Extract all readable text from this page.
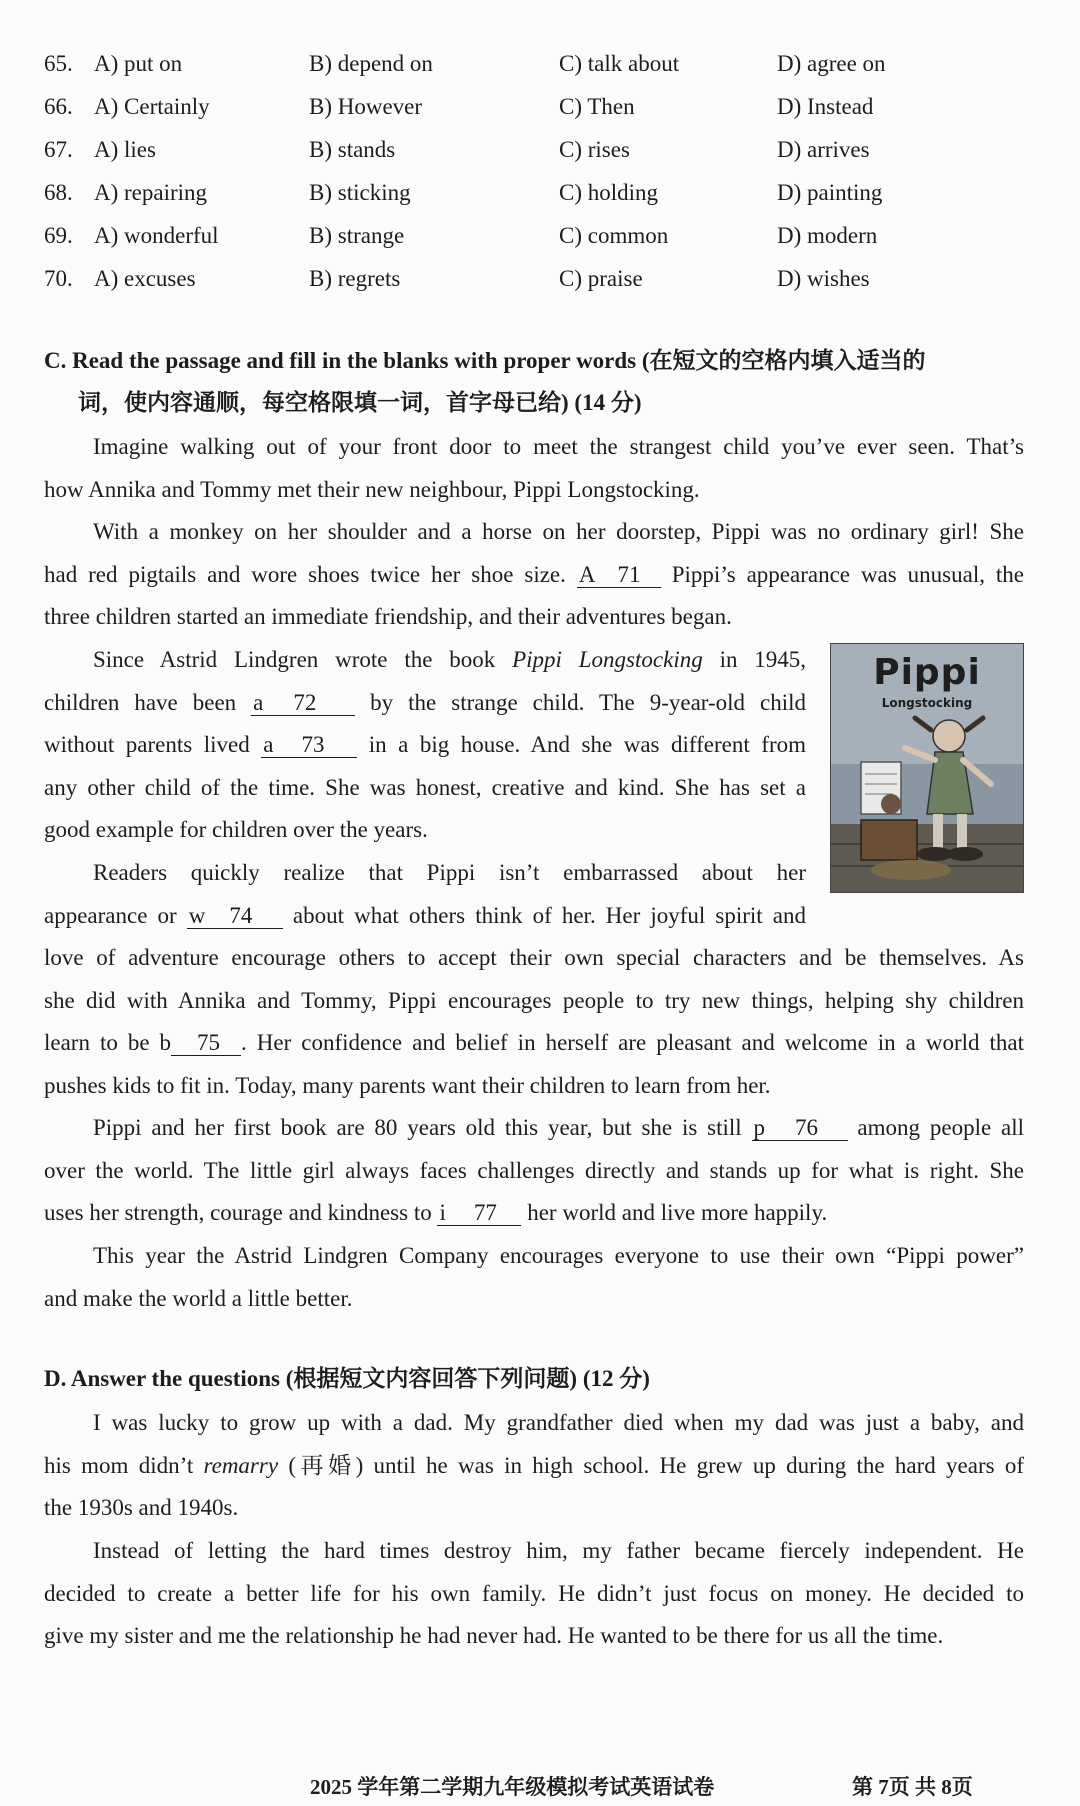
65. A) put on	B) depend on	C) talk about	D) agree on
66. A) Certainly	B) However	C) Then	D) Instead
67. A) lies	B) stands	C) rises	D) arrives
68. A) repairing	B) sticking	C) holding	D) painting
69. A) wonderful	B) strange	C) common	D) modern
70. A) excuses	B) regrets	C) praise	D) wishes
C. Read the passage and fill in the blanks with proper words (在短文的空格内填入适当的
词，使内容通顺，每空格限填一词，首字母已给) (14 分)
Imagine walking out of your front door to meet the strangest child you’ve ever seen. That’s
how Annika and Tommy met their new neighbour, Pippi Longstocking.
With a monkey on her shoulder and a horse on her doorstep, Pippi was no ordinary girl! She
had red pigtails and wore shoes twice her shoe size. A 71 Pippi’s appearance was unusual, the
three children started an immediate friendship, and their adventures began.
Since Astrid Lindgren wrote the book Pippi Longstocking in 1945,
children have been a 72 by the strange child. The 9-year-old child
without parents lived a 73 in a big house. And she was different from
any other child of the time. She was honest, creative and kind. She has set a
good example for children over the years.
Readers quickly realize that Pippi isn’t embarrassed about her
appearance or w 74 about what others think of her. Her joyful spirit and
love of adventure encourage others to accept their own special characters and be themselves. As
she did with Annika and Tommy, Pippi encourages people to try new things, helping shy children
learn to be b 75 . Her confidence and belief in herself are pleasant and welcome in a world that
pushes kids to fit in. Today, many parents want their children to learn from her.
Pippi and her first book are 80 years old this year, but she is still p 76 among people all
over the world. The little girl always faces challenges directly and stands up for what is right. She
uses her strength, courage and kindness to i 77 her world and live more happily.
This year the Astrid Lindgren Company encourages everyone to use their own “Pippi power”
and make the world a little better.
Pippi
Longstocking
D. Answer the questions (根据短文内容回答下列问题) (12 分)
I was lucky to grow up with a dad. My grandfather died when my dad was just a baby, and
his mom didn’t remarry (再婚) until he was in high school. He grew up during the hard years of
the 1930s and 1940s.
Instead of letting the hard times destroy him, my father became fiercely independent. He
decided to create a better life for his own family. He didn’t just focus on money. He decided to
give my sister and me the relationship he had never had. He wanted to be there for us all the time.
2025 学年第二学期九年级模拟考试英语试卷	第 7页 共 8页
